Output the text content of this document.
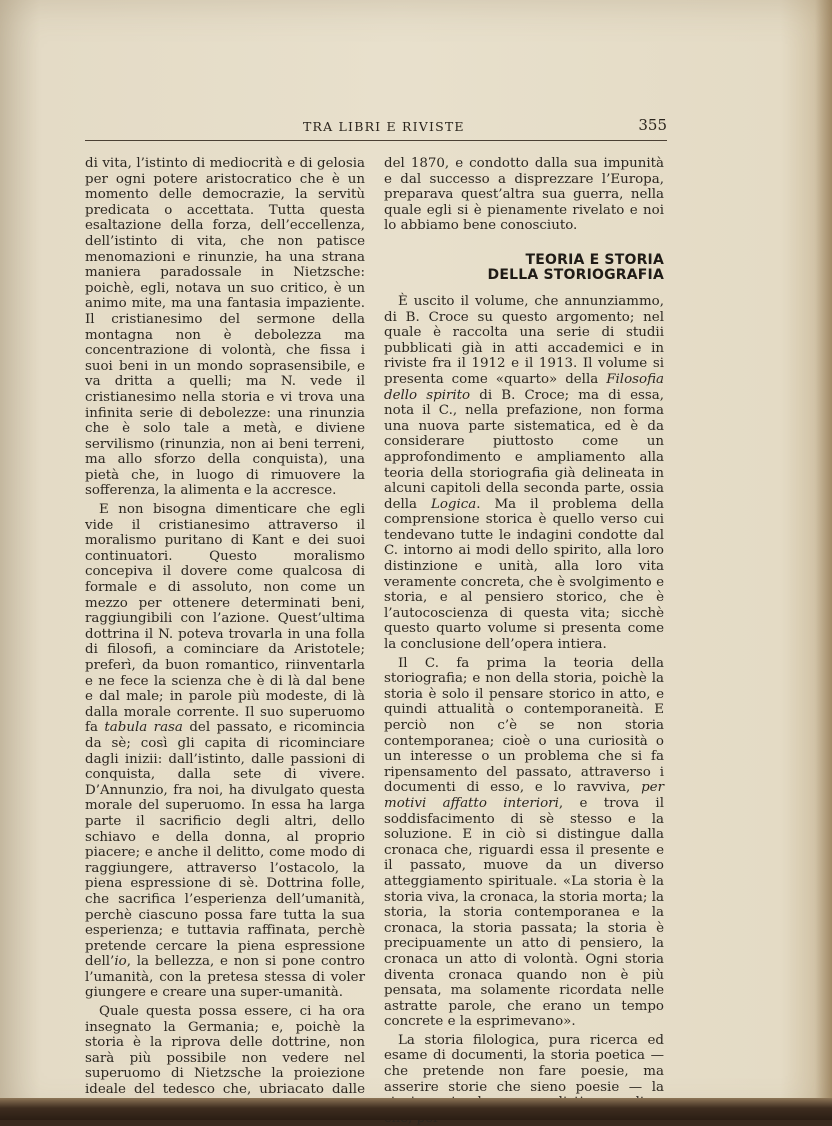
TRA LIBRI E RIVISTE	355

di vita, l’istinto di mediocrità e di gelosia per ogni potere aristocratico che è un momento delle democrazie, la servitù predicata o accettata. Tutta questa esaltazione della forza, dell’eccellenza, dell’istinto di vita, che non patisce menomazioni e rinunzie, ha una strana maniera paradossale in Nietzsche: poichè, egli, notava un suo critico, è un animo mite, ma una fantasia impaziente. Il cristianesimo del sermone della montagna non è debolezza ma concentrazione di volontà, che fissa i suoi beni in un mondo soprasensibile, e va dritta a quelli; ma N. vede il cristianesimo nella storia e vi trova una infinita serie di debolezze: una rinunzia che è solo tale a metà, e diviene servilismo (rinunzia, non ai beni terreni, ma allo sforzo della conquista), una pietà che, in luogo di rimuovere la sofferenza, la alimenta e la accresce.

E non bisogna dimenticare che egli vide il cristianesimo attraverso il moralismo puritano di Kant e dei suoi continuatori. Questo moralismo concepiva il dovere come qualcosa di formale e di assoluto, non come un mezzo per ottenere determinati beni, raggiungibili con l’azione. Quest’ultima dottrina il N. poteva trovarla in una folla di filosofi, a cominciare da Aristotele; preferì, da buon romantico, riinventarla e ne fece la scienza che è di là dal bene e dal male; in parole più modeste, di là dalla morale corrente. Il suo superuomo fa tabula rasa del passato, e ricomincia da sè; così gli capita di ricominciare dagli inizii: dall’istinto, dalle passioni di conquista, dalla sete di vivere. D’Annunzio, fra noi, ha divulgato questa morale del superuomo. In essa ha larga parte il sacrificio degli altri, dello schiavo e della donna, al proprio piacere; e anche il delitto, come modo di raggiungere, attraverso l’ostacolo, la piena espressione di sè. Dottrina folle, che sacrifica l’esperienza dell’umanità, perchè ciascuno possa fare tutta la sua esperienza; e tuttavia raffinata, perchè pretende cercare la piena espressione dell’io, la bellezza, e non si pone contro l’umanità, con la pretesa stessa di voler giungere e creare una super-umanità.

Quale questa possa essere, ci ha ora insegnato la Germania; e, poichè la storia è la riprova delle dottrine, non sarà più possibile non vedere nel superuomo di Nietzsche la proiezione ideale del tedesco che, ubriacato dalle

del 1870, e condotto dalla sua impunità e dal successo a disprezzare l’Europa, preparava quest’altra sua guerra, nella quale egli si è pienamente rivelato e noi lo abbiamo bene conosciuto.

TEORIA E STORIA
DELLA STORIOGRAFIA

È uscito il volume, che annunziammo, di B. Croce su questo argomento; nel quale è raccolta una serie di studii pubblicati già in atti accademici e in riviste fra il 1912 e il 1913. Il volume si presenta come «quarto» della Filosofia dello spirito di B. Croce; ma di essa, nota il C., nella prefazione, non forma una nuova parte sistematica, ed è da considerare piuttosto come un approfondimento e ampliamento alla teoria della storiografia già delineata in alcuni capitoli della seconda parte, ossia della Logica. Ma il problema della comprensione storica è quello verso cui tendevano tutte le indagini condotte dal C. intorno ai modi dello spirito, alla loro distinzione e unità, alla loro vita veramente concreta, che è svolgimento e storia, e al pensiero storico, che è l’autocoscienza di questa vita; sicchè questo quarto volume si presenta come la conclusione dell’opera intiera.

Il C. fa prima la teoria della storiografia; e non della storia, poichè la storia è solo il pensare storico in atto, e quindi attualità o contemporaneità. E perciò non c’è se non storia contemporanea; cioè o una curiosità o un interesse o un problema che si fa ripensamento del passato, attraverso i documenti di esso, e lo ravviva, per motivi affatto interiori, e trova il soddisfacimento di sè stesso e la soluzione. E in ciò si distingue dalla cronaca che, riguardi essa il presente e il passato, muove da un diverso atteggiamento spirituale. «La storia è la storia viva, la cronaca, la storia morta; la storia, la storia contemporanea e la cronaca, la storia passata; la storia è precipuamente un atto di pensiero, la cronaca un atto di volontà. Ogni storia diventa cronaca quando non è più pensata, ma solamente ricordata nelle astratte parole, che erano un tempo concrete e la esprimevano».

La storia filologica, pura ricerca ed esame di documenti, la storia poetica — che pretende non fare poesie, ma asserire storie che sieno poesie — la
